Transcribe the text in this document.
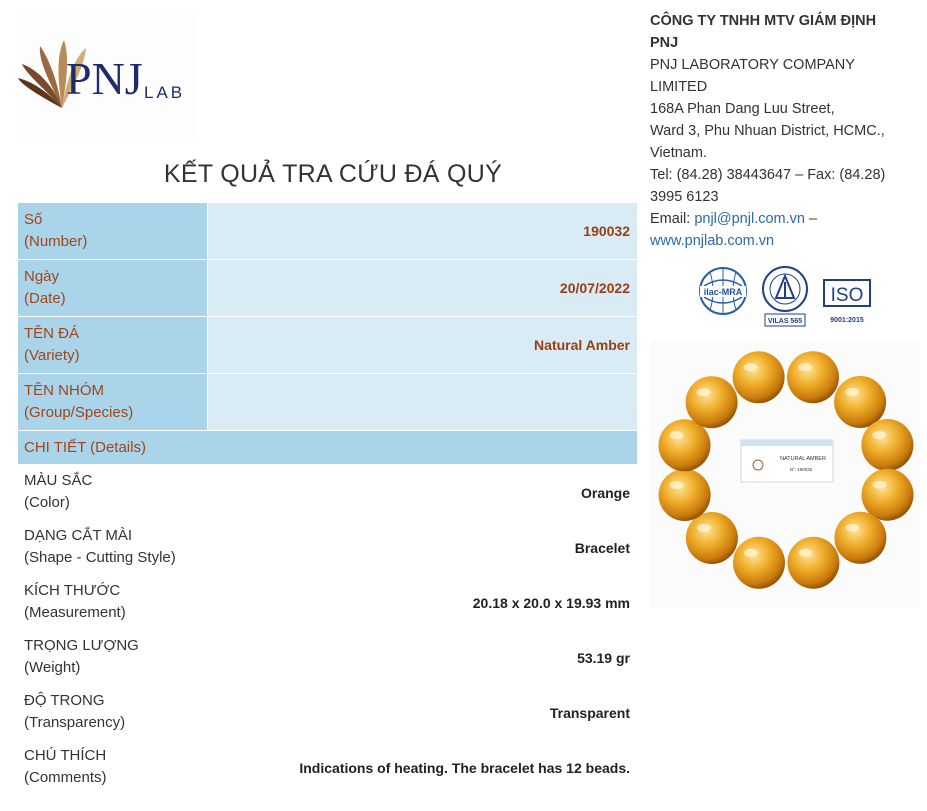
PNJ LAB
KẾT QUẢ TRA CỨU ĐÁ QUÝ
Số
(Number)
190032
Ngày
(Date)
20/07/2022
TÊN ĐÁ
(Variety)
Natural Amber
TÊN NHÓM
(Group/Species)
CHI TIẾT (Details)
MÀU SẮC
(Color)
Orange
DẠNG CẮT MÀI
(Shape - Cutting Style)
Bracelet
KÍCH THƯỚC
(Measurement)
20.18 x 20.0 x 19.93 mm
TRỌNG LƯỢNG
(Weight)
53.19 gr
ĐỘ TRONG
(Transparency)
Transparent
CHÚ THÍCH
(Comments)
Indications of heating. The bracelet has 12 beads.
CÔNG TY TNHH MTV GIÁM ĐỊNH
PNJ
PNJ LABORATORY COMPANY
LIMITED
168A Phan Dang Luu Street,
Ward 3, Phu Nhuan District, HCMC.,
Vietnam.
Tel: (84.28) 38443647 – Fax: (84.28)
3995 6123
Email: pnjl@pnjl.com.vn –
www.pnjlab.com.vn
ilac-MRA
VILAS 565
ISO
9001:2015
NATURAL AMBER
N°: 190032
